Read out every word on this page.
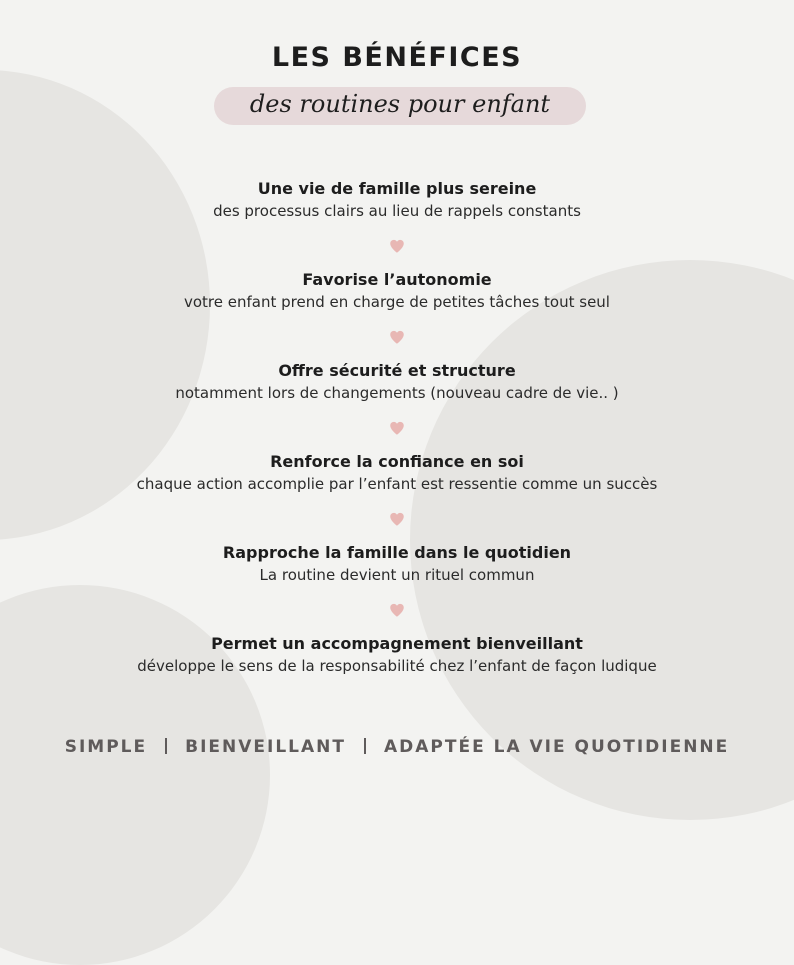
LES BÉNÉFICES
des routines pour enfant
Une vie de famille plus sereine
des processus clairs au lieu de rappels constants
Favorise l’autonomie
votre enfant prend en charge de petites tâches tout seul
Offre sécurité et structure
notamment lors de changements (nouveau cadre de vie.. )
Renforce la confiance en soi
chaque action accomplie par l’enfant est ressentie comme un succès
Rapproche la famille dans le quotidien
La routine devient un rituel commun
Permet un accompagnement bienveillant
développe le sens de la responsabilité chez l’enfant de façon ludique
SIMPLE BIENVEILLANT ADAPTÉE LA VIE QUOTIDIENNE
